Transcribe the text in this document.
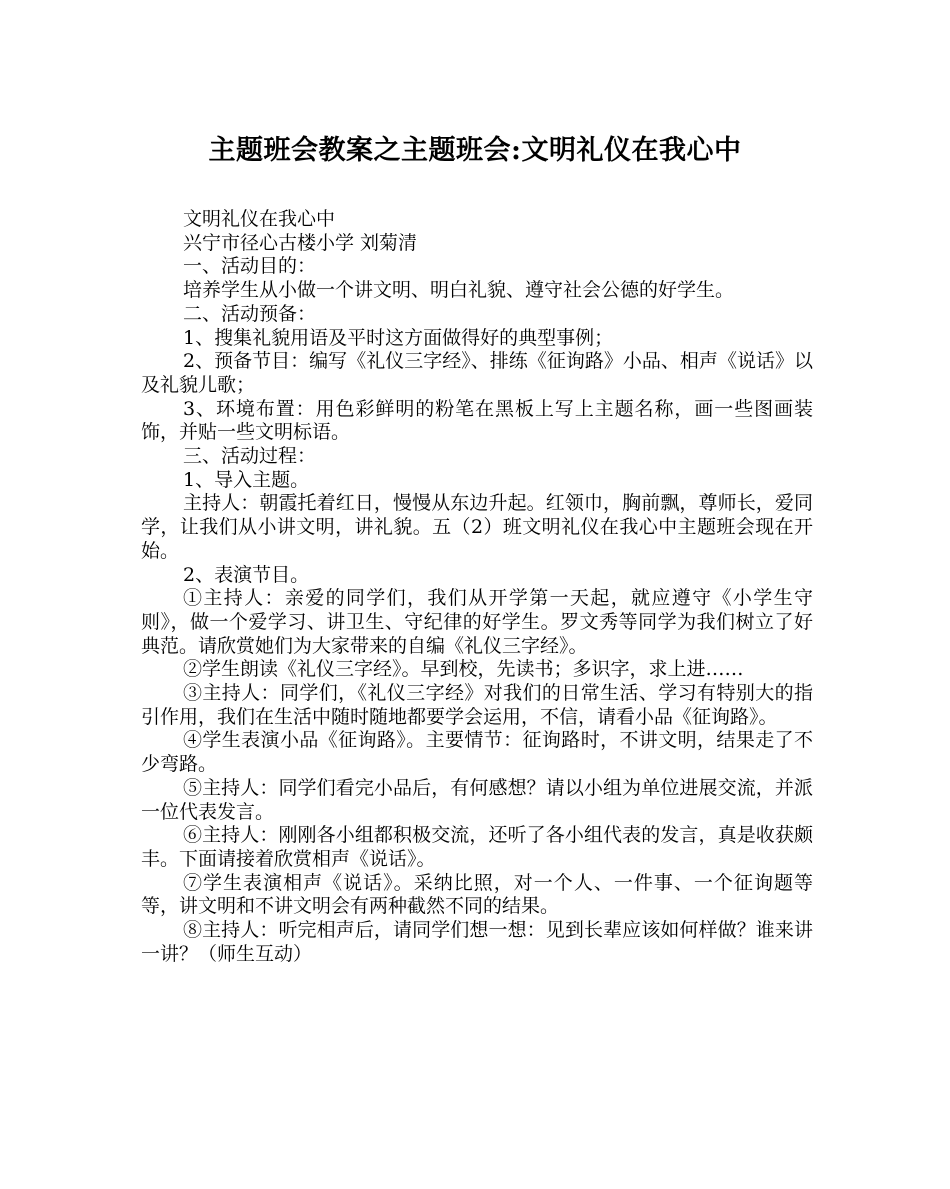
主题班会教案之主题班会:文明礼仪在我心中

文明礼仪在我心中

兴宁市径心古楼小学 刘菊清

一、活动目的：

培养学生从小做一个讲文明、明白礼貌、遵守社会公德的好学生。

二、活动预备：

1、搜集礼貌用语及平时这方面做得好的典型事例；

2、预备节目：编写《礼仪三字经》、排练《征询路》小品、相声《说话》以及礼貌儿歌；

3、环境布置：用色彩鲜明的粉笔在黑板上写上主题名称，画一些图画装饰，并贴一些文明标语。

三、活动过程：

1、导入主题。

主持人：朝霞托着红日，慢慢从东边升起。红领巾，胸前飘，尊师长，爱同学，让我们从小讲文明，讲礼貌。五（2）班文明礼仪在我心中主题班会现在开始。

2、表演节目。

①主持人：亲爱的同学们，我们从开学第一天起，就应遵守《小学生守则》，做一个爱学习、讲卫生、守纪律的好学生。罗文秀等同学为我们树立了好典范。请欣赏她们为大家带来的自编《礼仪三字经》。

②学生朗读《礼仪三字经》。早到校，先读书；多识字，求上进……

③主持人：同学们，《礼仪三字经》对我们的日常生活、学习有特别大的指引作用，我们在生活中随时随地都要学会运用，不信，请看小品《征询路》。

④学生表演小品《征询路》。主要情节：征询路时，不讲文明，结果走了不少弯路。

⑤主持人：同学们看完小品后，有何感想？请以小组为单位进展交流，并派一位代表发言。

⑥主持人：刚刚各小组都积极交流，还听了各小组代表的发言，真是收获颇丰。下面请接着欣赏相声《说话》。

⑦学生表演相声《说话》。采纳比照，对一个人、一件事、一个征询题等等，讲文明和不讲文明会有两种截然不同的结果。

⑧主持人：听完相声后，请同学们想一想：见到长辈应该如何样做？谁来讲一讲？（师生互动）
